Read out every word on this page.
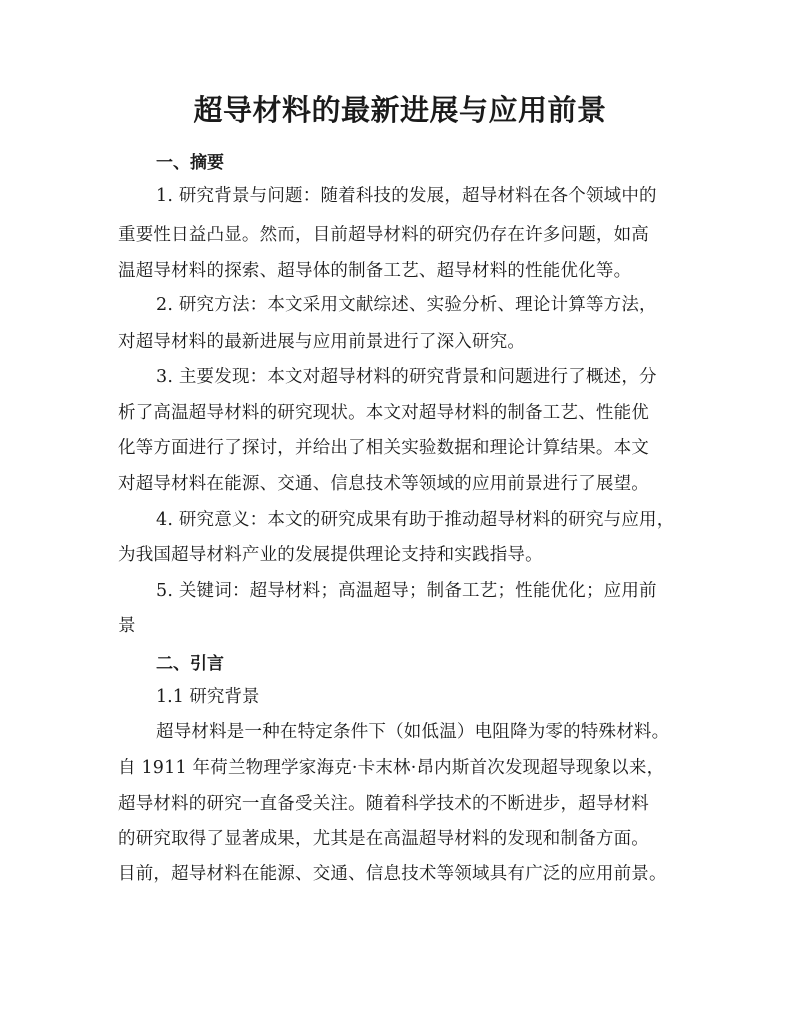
超导材料的最新进展与应用前景
一、摘要
1. 研究背景与问题：随着科技的发展，超导材料在各个领域中的
重要性日益凸显。然而，目前超导材料的研究仍存在许多问题，如高
温超导材料的探索、超导体的制备工艺、超导材料的性能优化等。
2. 研究方法：本文采用文献综述、实验分析、理论计算等方法，
对超导材料的最新进展与应用前景进行了深入研究。
3. 主要发现：本文对超导材料的研究背景和问题进行了概述，分
析了高温超导材料的研究现状。本文对超导材料的制备工艺、性能优
化等方面进行了探讨，并给出了相关实验数据和理论计算结果。本文
对超导材料在能源、交通、信息技术等领域的应用前景进行了展望。
4. 研究意义：本文的研究成果有助于推动超导材料的研究与应用，
为我国超导材料产业的发展提供理论支持和实践指导。
5. 关键词：超导材料；高温超导；制备工艺；性能优化；应用前
景
二、引言
1.1 研究背景
超导材料是一种在特定条件下（如低温）电阻降为零的特殊材料。
自 1911 年荷兰物理学家海克·卡末林·昂内斯首次发现超导现象以来，
超导材料的研究一直备受关注。随着科学技术的不断进步，超导材料
的研究取得了显著成果，尤其是在高温超导材料的发现和制备方面。
目前，超导材料在能源、交通、信息技术等领域具有广泛的应用前景。
